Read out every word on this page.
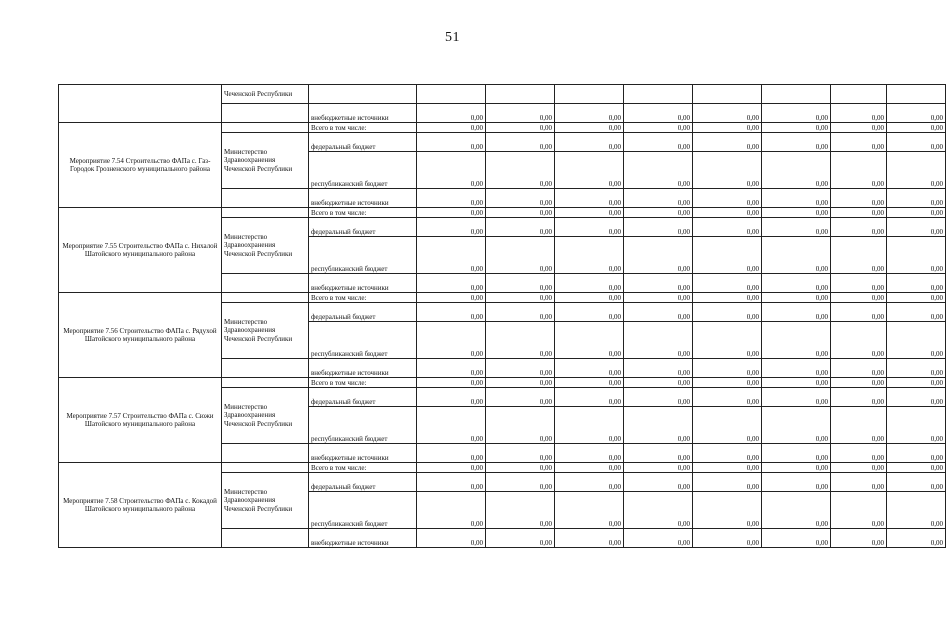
51
	Чеченской Республики									
		внебюджетные источники	0,00	0,00	0,00	0,00	0,00	0,00	0,00	0,00
Мероприятие 7.54 Строительство ФАПа с. Газ-Городок Грозненского муниципального района		Всего в том числе:	0,00	0,00	0,00	0,00	0,00	0,00	0,00	0,00
	Министерство Здравоохранения Чеченской Республики	федеральный бюджет	0,00	0,00	0,00	0,00	0,00	0,00	0,00	0,00
		республиканский бюджет	0,00	0,00	0,00	0,00	0,00	0,00	0,00	0,00
		внебюджетные источники	0,00	0,00	0,00	0,00	0,00	0,00	0,00	0,00
Мероприятие 7.55 Строительство ФАПа с. Нихалой Шатойского муниципального района		Всего в том числе:	0,00	0,00	0,00	0,00	0,00	0,00	0,00	0,00
	Министерство Здравоохранения Чеченской Республики	федеральный бюджет	0,00	0,00	0,00	0,00	0,00	0,00	0,00	0,00
		республиканский бюджет	0,00	0,00	0,00	0,00	0,00	0,00	0,00	0,00
		внебюджетные источники	0,00	0,00	0,00	0,00	0,00	0,00	0,00	0,00
Мероприятие 7.56 Строительство ФАПа с. Рядухой Шатойского муниципального района		Всего в том числе:	0,00	0,00	0,00	0,00	0,00	0,00	0,00	0,00
	Министерство Здравоохранения Чеченской Республики	федеральный бюджет	0,00	0,00	0,00	0,00	0,00	0,00	0,00	0,00
		республиканский бюджет	0,00	0,00	0,00	0,00	0,00	0,00	0,00	0,00
		внебюджетные источники	0,00	0,00	0,00	0,00	0,00	0,00	0,00	0,00
Мероприятие 7.57 Строительство ФАПа с. Сюжи Шатойского муниципального района		Всего в том числе:	0,00	0,00	0,00	0,00	0,00	0,00	0,00	0,00
	Министерство Здравоохранения Чеченской Республики	федеральный бюджет	0,00	0,00	0,00	0,00	0,00	0,00	0,00	0,00
		республиканский бюджет	0,00	0,00	0,00	0,00	0,00	0,00	0,00	0,00
		внебюджетные источники	0,00	0,00	0,00	0,00	0,00	0,00	0,00	0,00
Мероприятие 7.58 Строительство ФАПа с. Кокадой Шатойского муниципального района		Всего в том числе:	0,00	0,00	0,00	0,00	0,00	0,00	0,00	0,00
	Министерство Здравоохранения Чеченской Республики	федеральный бюджет	0,00	0,00	0,00	0,00	0,00	0,00	0,00	0,00
		республиканский бюджет	0,00	0,00	0,00	0,00	0,00	0,00	0,00	0,00
		внебюджетные источники	0,00	0,00	0,00	0,00	0,00	0,00	0,00	0,00
